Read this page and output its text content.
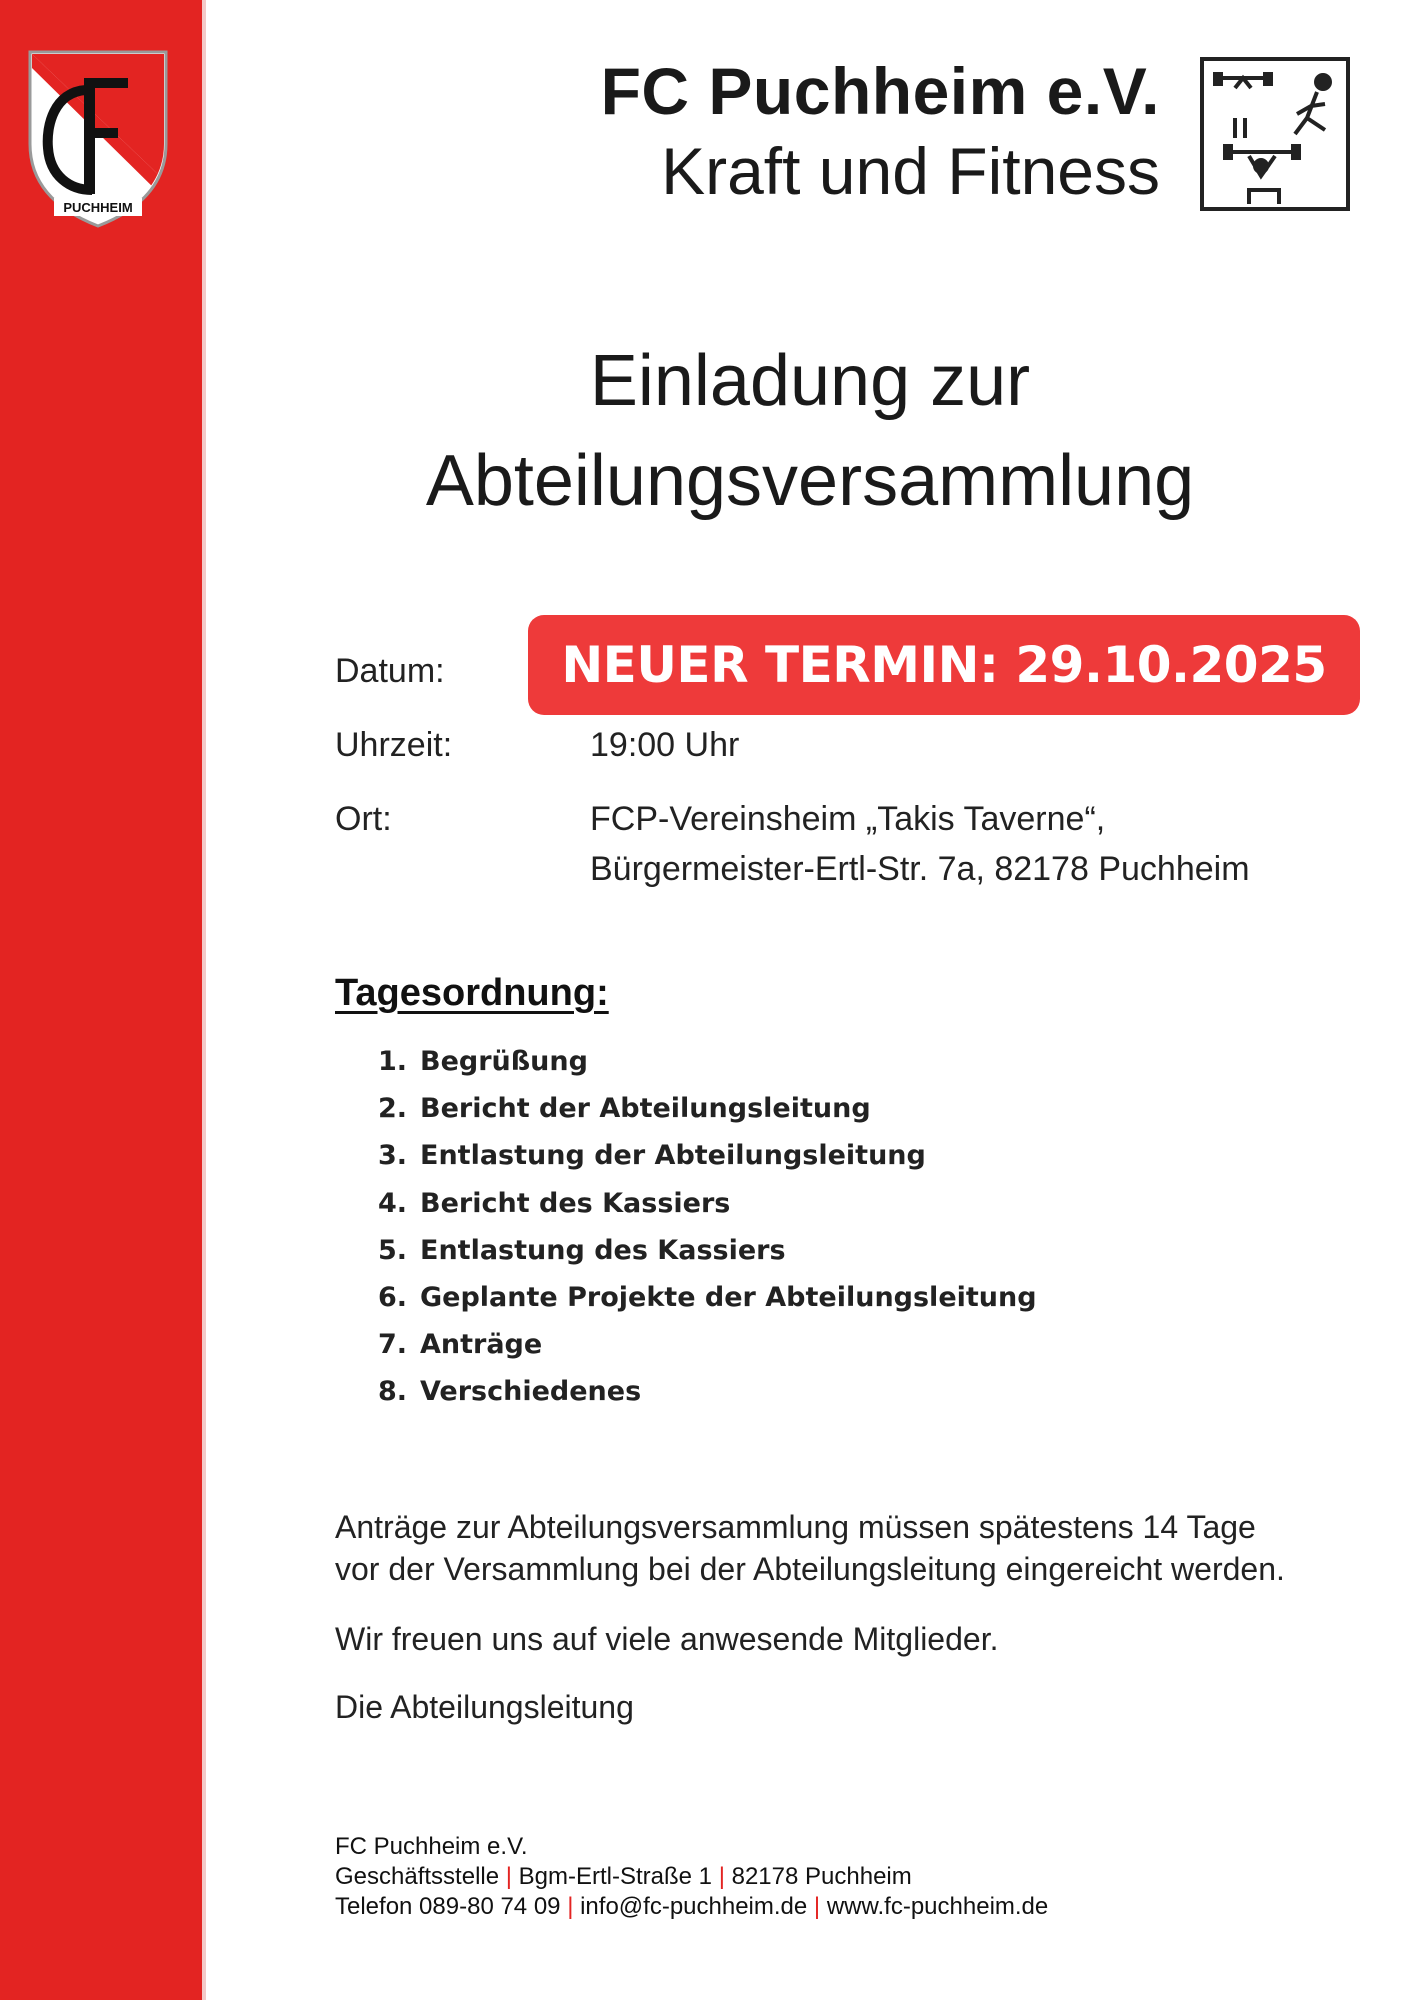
PUCHHEIM
FC Puchheim e.V.
Kraft und Fitness
Einladung zur
Abteilungsversammlung
Datum:	NEUER TERMIN: 29.10.2025
Uhrzeit:	19:00 Uhr
Ort:	FCP-Vereinsheim „Takis Taverne“,
Bürgermeister-Ertl-Str. 7a, 82178 Puchheim
Tagesordnung:
1. Begrüßung
2. Bericht der Abteilungsleitung
3. Entlastung der Abteilungsleitung
4. Bericht des Kassiers
5. Entlastung des Kassiers
6. Geplante Projekte der Abteilungsleitung
7. Anträge
8. Verschiedenes
Anträge zur Abteilungsversammlung müssen spätestens 14 Tage
vor der Versammlung bei der Abteilungsleitung eingereicht werden.
Wir freuen uns auf viele anwesende Mitglieder.
Die Abteilungsleitung
FC Puchheim e.V.
Geschäftsstelle | Bgm-Ertl-Straße 1 | 82178 Puchheim
Telefon 089-80 74 09 | info@fc-puchheim.de | www.fc-puchheim.de
